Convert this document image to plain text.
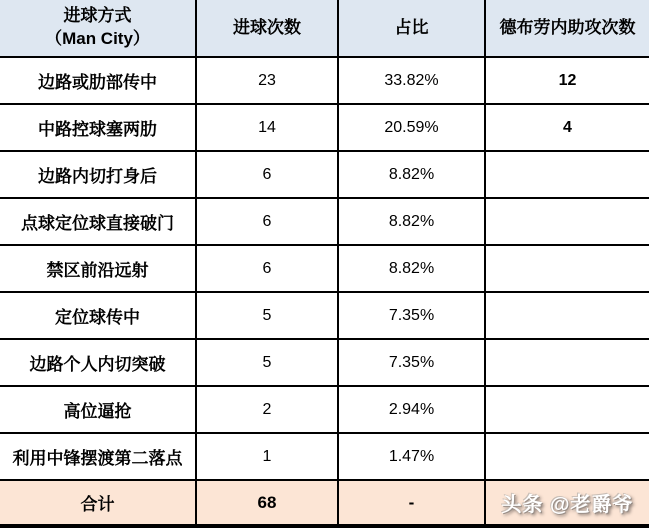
进球方式
（Man City）	进球次数	占比	德布劳内助攻次数
边路或肋部传中	23	33.82%	12
中路控球塞两肋	14	20.59%	4
边路内切打身后	6	8.82%	
点球定位球直接破门	6	8.82%	
禁区前沿远射	6	8.82%	
定位球传中	5	7.35%	
边路个人内切突破	5	7.35%	
高位逼抢	2	2.94%	
利用中锋摆渡第二落点	1	1.47%	
合计	68	-	头条 @老爵爷
